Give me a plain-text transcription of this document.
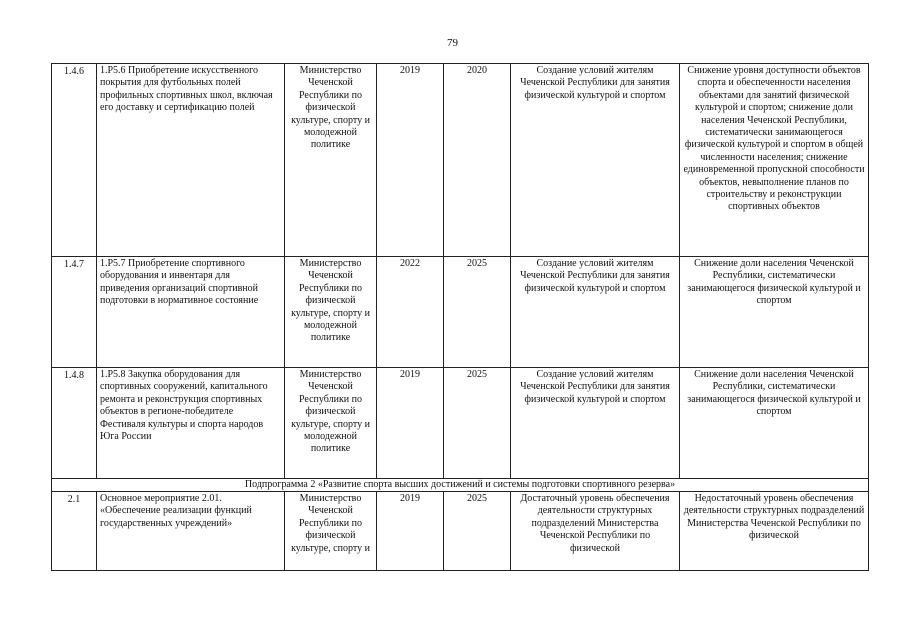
79
1.4.6	1.P5.6 Приобретение искусственного покрытия для футбольных полей профильных спортивных школ, включая его доставку и сертификацию полей	Министерство Чеченской Республики по физической культуре, спорту и молодежной политике	2019	2020	Создание условий жителям Чеченской Республики для занятия физической культурой и спортом	Снижение уровня доступности объектов спорта и обеспеченности населения объектами для занятий физической культурой и спортом; снижение доли населения Чеченской Республики, систематически занимающегося физической культурой и спортом в общей численности населения; снижение единовременной пропускной способности объектов, невыполнение планов по строительству и реконструкции спортивных объектов
1.4.7	1.P5.7 Приобретение спортивного оборудования и инвентаря для приведения организаций спортивной подготовки в нормативное состояние	Министерство Чеченской Республики по физической культуре, спорту и молодежной политике	2022	2025	Создание условий жителям Чеченской Республики для занятия физической культурой и спортом	Снижение доли населения Чеченской Республики, систематически занимающегося физической культурой и спортом
1.4.8	1.P5.8 Закупка оборудования для спортивных сооружений, капитального ремонта и реконструкция спортивных объектов в регионе-победителе Фестиваля культуры и спорта народов Юга России	Министерство Чеченской Республики по физической культуре, спорту и молодежной политике	2019	2025	Создание условий жителям Чеченской Республики для занятия физической культурой и спортом	Снижение доли населения Чеченской Республики, систематически занимающегося физической культурой и спортом
Подпрограмма 2 «Развитие спорта высших достижений и системы подготовки спортивного резерва»						
2.1	Основное мероприятие 2.01. «Обеспечение реализации функций государственных учреждений»	Министерство Чеченской Республики по физической культуре, спорту и	2019	2025	Достаточный уровень обеспечения деятельности структурных подразделений Министерства Чеченской Республики по физической	Недостаточный уровень обеспечения деятельности структурных подразделений Министерства Чеченской Республики по физической
